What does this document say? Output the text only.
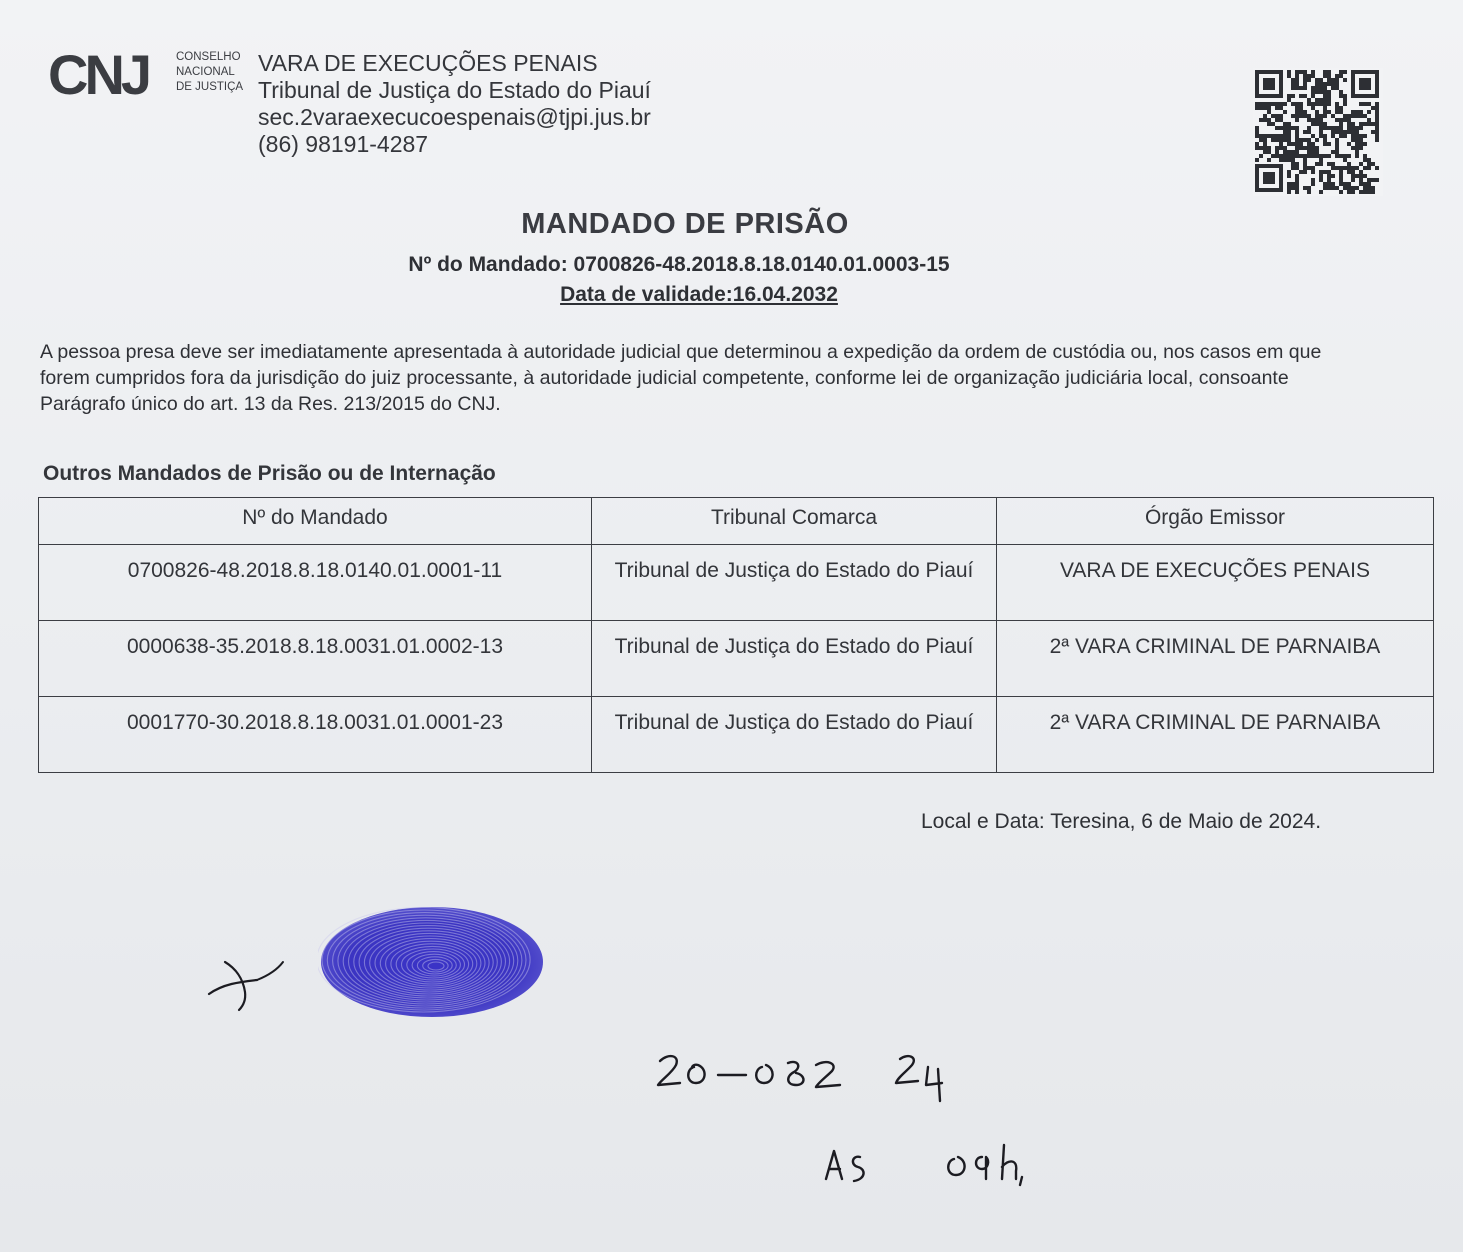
CNJ CONSELHO
NACIONAL
DE JUSTIÇA
VARA DE EXECUÇÕES PENAIS
Tribunal de Justiça do Estado do Piauí
sec.2varaexecucoespenais@tjpi.jus.br
(86) 98191-4287
MANDADO DE PRISÃO
Nº do Mandado: 0700826-48.2018.8.18.0140.01.0003-15
Data de validade:16.04.2032
A pessoa presa deve ser imediatamente apresentada à autoridade judicial que determinou a expedição da ordem de custódia ou, nos casos em que forem cumpridos fora da jurisdição do juiz processante, à autoridade judicial competente, conforme lei de organização judiciária local, consoante Parágrafo único do art. 13 da Res. 213/2015 do CNJ.
Outros Mandados de Prisão ou de Internação
Nº do Mandado	Tribunal Comarca	Órgão Emissor
0700826-48.2018.8.18.0140.01.0001-11	Tribunal de Justiça do Estado do Piauí	VARA DE EXECUÇÕES PENAIS
0000638-35.2018.8.18.0031.01.0002-13	Tribunal de Justiça do Estado do Piauí	2ª VARA CRIMINAL DE PARNAIBA
0001770-30.2018.8.18.0031.01.0001-23	Tribunal de Justiça do Estado do Piauí	2ª VARA CRIMINAL DE PARNAIBA
Local e Data: Teresina, 6 de Maio de 2024.
